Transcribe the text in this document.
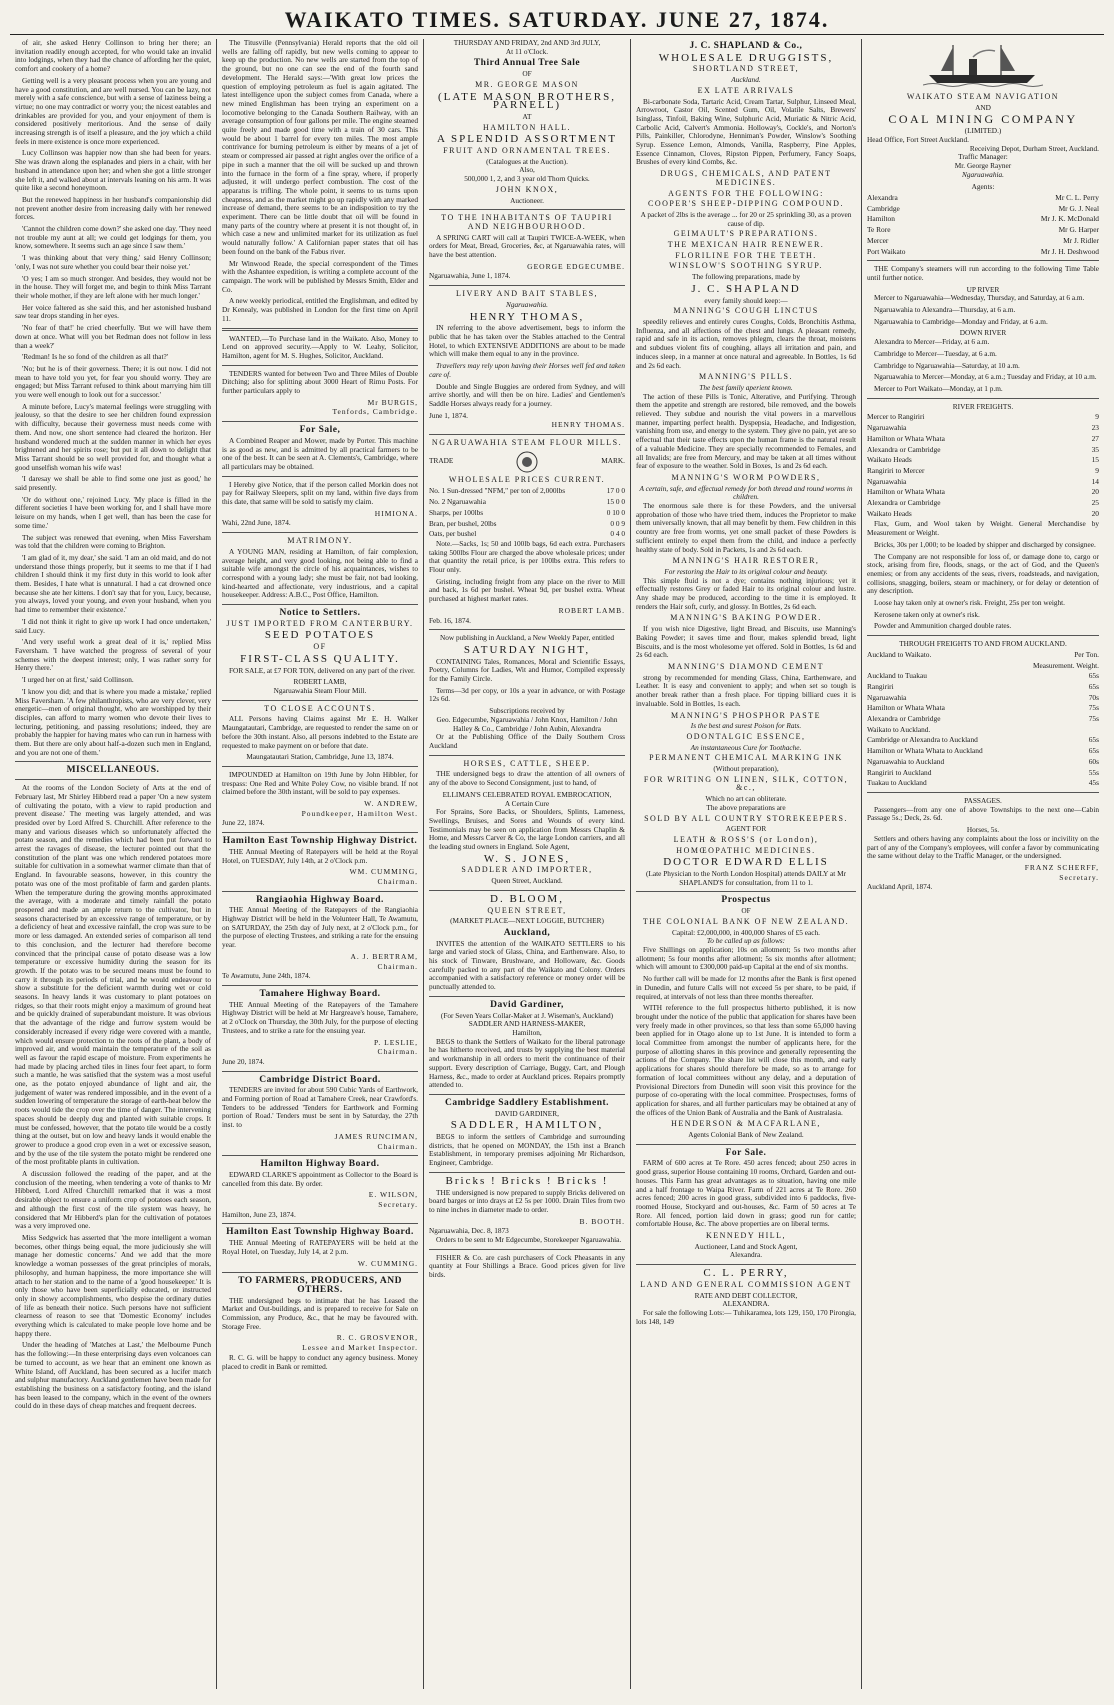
WAIKATO TIMES. SATURDAY. JUNE 27, 1874.

of air, she asked Henry Collinson to bring her there; an invitation readily enough accepted, for who would take an invalid into lodgings, when they had the chance of affording her the quiet, comfort and cookery of a home?

Getting well is a very pleasant process when you are young and have a good constitution, and are well nursed. You can be lazy, not merely with a safe conscience, but with a sense of laziness being a virtue; no one may contradict or worry you; the nicest eatables and drinkables are provided for you, and your enjoyment of them is considered positively meritorious. And the sense of daily increasing strength is of itself a pleasure, and the joy which a child feels in mere existence is once more experienced.

Lucy Collinson was happier now than she had been for years. She was drawn along the esplanades and piers in a chair, with her husband in attendance upon her; and when she got a little stronger she left it, and walked about at intervals leaning on his arm. It was quite like a second honeymoon.

But the renewed happiness in her husband's companionship did not prevent another desire from increasing daily with her renewed forces.

'Cannot the children come down?' she asked one day. 'They need not trouble my aunt at all; we could get lodgings for them, you know, somewhere. It seems such an age since I saw them.'

'I was thinking about that very thing,' said Henry Collinson; 'only, I was not sure whether you could bear their noise yet.'

'O yes; I am so much stronger. And besides, they would not be in the house. They will forget me, and begin to think Miss Tarrant their whole mother, if they are left alone with her much longer.'

Her voice faltered as she said this, and her astonished husband saw tear drops standing in her eyes.

'No fear of that!' he cried cheerfully. 'But we will have them down at once. What will you bet Redman does not follow in less than a week?'

'Redman! Is he so fond of the children as all that?'

'No; but he is of their governess. There; it is out now. I did not mean to have told you yet, for fear you should worry. They are engaged; but Miss Tarrant refused to think about marrying him till you were well enough to look out for a successor.'

A minute before, Lucy's maternal feelings were struggling with jealousy, so that the desire to see her children found expression with difficulty, because their governess must needs come with them. And now, one short sentence had cleared the horizon. Her husband wondered much at the sudden manner in which her eyes brightened and her spirits rose; but put it all down to delight that Miss Tarrant should be so well provided for, and thought what a good unselfish woman his wife was!

'I daresay we shall be able to find some one just as good,' he said presently.

'Or do without one,' rejoined Lucy. 'My place is filled in the different societies I have been working for, and I shall have more leisure on my hands, when I get well, than has been the case for some time.'

The subject was renewed that evening, when Miss Faversham was told that the children were coming to Brighton.

'I am glad of it, my dear,' she said. 'I am an old maid, and do not understand those things properly, but it seems to me that if I had children I should think it my first duty in this world to look after them. Besides, I hate what is unnatural. I had a cat drowned once because she ate her kittens. I don't say that for you, Lucy, because, you always, loved your young, and even your husband, when you had time to remember their existence.'

'I did not think it right to give up work I had once undertaken,' said Lucy.

'And very useful work a great deal of it is,' replied Miss Faversham. 'I have watched the progress of several of your schemes with the deepest interest; only, I was rather sorry for Henry there.'

'I urged her on at first,' said Collinson.

'I know you did; and that is where you made a mistake,' replied Miss Faversham. 'A few philanthropists, who are very clever, very energetic—men of original thought, who are worshipped by their disciples, can afford to marry women who devote their lives to lecturing, petitioning, and passing resolutions; indeed, they are probably the happier for having mates who can run in harness with them. But there are only about half-a-dozen such men in England, and you are not one of them.'

MISCELLANEOUS.

At the rooms of the London Society of Arts at the end of February last, Mr Shirley Hibberd read a paper 'On a new system of cultivating the potato, with a view to rapid production and prevent disease.' The meeting was largely attended, and was presided over by Lord Alfred S. Churchill. After reference to the many and various diseases which so unfortunately affected the potato season, and the remedies which had been put forward to arrest the ravages of disease, the lecturer pointed out that the constitution of the plant was one which rendered potatoes more suitable for cultivation in a somewhat warmer climate than that of England. In favourable seasons, however, in this country the potato was one of the most profitable of farm and garden plants. When the temperature during the growing months approximated the average, with a moderate and timely rainfall the potato prospered and made an ample return to the cultivator, but in seasons characterised by an excessive range of temperature, or by a deficiency of heat and excessive rainfall, the crop was sure to be more or less damaged. An extended series of comparison all tend to this conclusion, and the lecturer had therefore become convinced that the principal cause of potato disease was a low temperature or excessive humidity during the season for its growth. If the potato was to be secured means must be found to carry it through its periods of trial, and he would endeavour to show a substitute for the deficient warmth during wet or cold seasons. In heavy lands it was customary to plant potatoes on ridges, so that their roots might enjoy a maximum of ground heat and be quickly drained of superabundant moisture. It was obvious that the advantage of the ridge and furrow system would be considerably increased if every ridge were covered with a mantle, which would ensure protection to the roots of the plant, a body of improved air, and would maintain the temperature of the soil as well as favour the rapid escape of moisture. From experiments he had made by placing arched tiles in lines four feet apart, to form such a mantle, he was satisfied that the system was a most useful one, as the potato enjoyed abundance of light and air, the judgement of water was rendered impossible, and in the event of a sudden lowering of temperature the storage of earth-heat below the roots would tide the crop over the time of danger. The intervening spaces should be deeply dug and planted with suitable crops. It must be confessed, however, that the potato tile would be a costly thing at the outset, but on low and heavy lands it would enable the grower to produce a good crop even in a wet or excessive season, and by the use of the tile system the potato might be rendered one of the most profitable plants in cultivation.

A discussion followed the reading of the paper, and at the conclusion of the meeting, when tendering a vote of thanks to Mr Hibberd, Lord Alfred Churchill remarked that it was a most desirable object to ensure a uniform crop of potatoes each season, and although the first cost of the tile system was heavy, he considered that Mr Hibberd's plan for the cultivation of potatoes was a very improved one.

Miss Sedgwick has asserted that 'the more intelligent a woman becomes, other things being equal, the more judiciously she will manage her domestic concerns.' And we add that the more knowledge a woman possesses of the great principles of morals, philosophy, and human happiness, the more importance she will attach to her station and to the name of a 'good housekeeper.' It is only those who have been superficially educated, or instructed only in showy accomplishments, who despise the ordinary duties of life as beneath their notice. Such persons have not sufficient clearness of reason to see that 'Domestic Economy' includes everything which is calculated to make people love home and be happy there.

Under the heading of 'Matches at Last,' the Melbourne Punch has the following:—In these enterprising days even volcanoes can be turned to account, as we hear that an eminent one known as White Island, off Auckland, has been secured as a lucifer match and sulphur manufactory. Auckland gentlemen have been made for establishing the business on a satisfactory footing, and the island has been leased to the company, which in the event of the owners could do in these days of cheap matches and frequent decrees.

The Titusville (Pennsylvania) Herald reports that the old oil wells are falling off rapidly, but new wells coming to appear to keep up the production. No new wells are started from the top of the ground, but no one can see the end of the fourth sand development. The Herald says:—'With great low prices the question of employing petroleum as fuel is again agitated. The latest intelligence upon the subject comes from Canada, where a new mined Englishman has been trying an experiment on a locomotive belonging to the Canada Southern Railway, with an average consumption of four gallons per mile. The engine steamed quite freely and made good time with a train of 30 cars. This would be about 1 barrel for every ten miles. The most ample contrivance for burning petroleum is either by means of a jet of steam or compressed air passed at right angles over the orifice of a pipe in such a manner that the oil will be sucked up and thrown into the furnace in the form of a fine spray, where, if properly adjusted, it will undergo perfect combustion. The cost of the apparatus is trifling. The whole point, it seems to us turns upon cheapness, and as the market might go up rapidly with any marked increase of demand, there seems to be an indisposition to try the experiment. There can be little doubt that oil will be found in many parts of the country where at present it is not thought of, in which case a new and unlimited market for its utilization as fuel would naturally follow.' A Californian paper states that oil has been found on the bank of the Fabus river.

Mr Winwood Reade, the special correspondent of the Times with the Ashantee expedition, is writing a complete account of the campaign. The work will be published by Messrs Smith, Elder and Co.

A new weekly periodical, entitled the Englishman, and edited by Dr Kenealy, was published in London for the first time on April 11.

WANTED,—To Purchase land in the Waikato. Also, Money to Lend on approved security.—Apply to W. Leahy, Solicitor, Hamilton, agent for M. S. Hughes, Solicitor, Auckland.

TENDERS wanted for between Two and Three Miles of Double Ditching; also for splitting about 3000 Heart of Rimu Posts. For further particulars apply to

Mr BURGIS,
Tenfords, Cambridge.
For Sale,

A Combined Reaper and Mower, made by Porter. This machine is as good as new, and is admitted by all practical farmers to be one of the best. It can be seen at A. Clements's, Cambridge, where all particulars may be obtained.

I Hereby give Notice, that if the person called Morkin does not pay for Railway Sleepers, split on my land, within five days from this date, that same will be sold to satisfy my claim.

HIMIONA.
Wahi, 22nd June, 1874.
MATRIMONY.

A YOUNG MAN, residing at Hamilton, of fair complexion, average height, and very good looking, not being able to find a suitable wife amongst the circle of his acquaintances, wishes to correspond with a young lady; she must be fair, not bad looking, kind-hearted and affectionate, very industrious, and a capital housekeeper. Address: A.B.C., Post Office, Hamilton.

Notice to Settlers.
JUST IMPORTED FROM CANTERBURY.
SEED POTATOES
OF
FIRST-CLASS QUALITY.

FOR SALE, at £7 FOR TON, delivered on any part of the river.

ROBERT LAMB,
Ngaruawahia Steam Flour Mill.
TO CLOSE ACCOUNTS.

ALL Persons having Claims against Mr E. H. Walker Maungatautari, Cambridge, are requested to render the same on or before the 30th instant. Also, all persons indebted to the Estate are requested to make payment on or before that date.

Maungatautari Station, Cambridge, June 13, 1874.

IMPOUNDED at Hamilton on 19th June by John Hibbler, for trespass: One Red and White Poley Cow, no visible brand. If not claimed before the 30th instant, will be sold to pay expenses.

W. ANDREW,
Poundkeeper, Hamilton West.
June 22, 1874.
Hamilton East Township Highway District.

THE Annual Meeting of Ratepayers will be held at the Royal Hotel, on TUESDAY, July 14th, at 2 o'Clock p.m.

WM. CUMMING,
Chairman.
Rangiaohia Highway Board.

THE Annual Meeting of the Ratepayers of the Rangiaohia Highway District will be held in the Volunteer Hall, Te Awamutu, on SATURDAY, the 25th day of July next, at 2 o'Clock p.m., for the purpose of electing Trustees, and striking a rate for the ensuing year.

A. J. BERTRAM,
Chairman.
Te Awamutu, June 24th, 1874.
Tamahere Highway Board.

THE Annual Meeting of the Ratepayers of the Tamahere Highway District will be held at Mr Hargreave's house, Tamahere, at 2 o'Clock on Thursday, the 30th July, for the purpose of electing Trustees, and to strike a rate for the ensuing year.

P. LESLIE,
Chairman.
June 20, 1874.
Cambridge District Board.

TENDERS are invited for about 590 Cubic Yards of Earthwork, and Forming portion of Road at Tamahere Creek, near Crawford's. Tenders to be addressed 'Tenders for Earthwork and Forming portion of Road.' Tenders must be sent in by Saturday, the 27th inst. to

JAMES RUNCIMAN,
Chairman.
Hamilton Highway Board.

EDWARD CLARKE'S appointment as Collector to the Board is cancelled from this date. By order.

E. WILSON,
Secretary.
Hamilton, June 23, 1874.
Hamilton East Township Highway Board.

THE Annual Meeting of RATEPAYERS will be held at the Royal Hotel, on Tuesday, July 14, at 2 p.m.

W. CUMMING.
TO FARMERS, PRODUCERS, AND OTHERS.

THE undersigned begs to intimate that he has Leased the Market and Out-buildings, and is prepared to receive for Sale on Commission, any Produce, &c., that he may be favoured with. Storage Free.

R. C. GROSVENOR,
Lessee and Market Inspector.

R. C. G. will be happy to conduct any agency business. Money placed to credit in Bank or remitted.

THURSDAY AND FRIDAY, 2nd AND 3rd JULY,
At 11 o'Clock.
Third Annual Tree Sale
OF
MR. GEORGE MASON
(LATE MASON BROTHERS, PARNELL)
AT
HAMILTON HALL.
A SPLENDID ASSORTMENT
FRUIT AND ORNAMENTAL TREES.
(Catalogues at the Auction).
Also,
500,000 1, 2, and 3 year old Thorn Quicks.
JOHN KNOX,
Auctioneer.
TO THE INHABITANTS OF TAUPIRI AND NEIGHBOURHOOD.

A SPRING CART will call at Taupiri TWICE-A-WEEK, when orders for Meat, Bread, Groceries, &c, at Ngaruawahia rates, will have the best attention.

GEORGE EDGECUMBE.
Ngaruawahia, June 1, 1874.
LIVERY AND BAIT STABLES,
Ngaruawahia.
HENRY THOMAS,

IN referring to the above advertisement, begs to inform the public that he has taken over the Stables attached to the Central Hotel, to which EXTENSIVE ADDITIONS are about to be made which will make them equal to any in the province.

Travellers may rely upon having their Horses well fed and taken care of.

Double and Single Buggies are ordered from Sydney, and will arrive shortly, and will then be on hire. Ladies' and Gentlemen's Saddle Horses always ready for a journey.

June 1, 1874.
HENRY THOMAS.
NGARUAWAHIA STEAM FLOUR MILLS.
TRADE	MARK.
WHOLESALE PRICES CURRENT.
No. 1 Sun-dressed "NFM," per ton of 2,000lbs	17 0 0
No. 2 Ngaruawahia	15 0 0
Sharps, per 100lbs	0 10 0
Bran, per bushel, 20lbs	0 0 9
Oats, per bushel	0 4 0

Note.—Sacks, 1s; 50 and 100lb bags, 6d each extra. Purchasers taking 500lbs Flour are charged the above wholesale prices; under that quantity the retail price, is per 100lbs extra. This refers to Flour only.

Gristing, including freight from any place on the river to Mill and back, 1s 6d per bushel. Wheat 9d, per bushel extra. Wheat purchased at highest market rates.

ROBERT LAMB.
Feb. 16, 1874.
Now publishing in Auckland, a New Weekly Paper, entitled
SATURDAY NIGHT,

CONTAINING Tales, Romances, Moral and Scientific Essays, Poetry, Columns for Ladies, Wit and Humor, Compiled expressly for the Family Circle.

Terms—3d per copy, or 10s a year in advance, or with Postage 12s 6d.

Subscriptions received by
Geo. Edgecumbe, Ngaruawahia / John Knox, Hamilton / John Halley & Co., Cambridge / John Aubin, Alexandra

Or at the Publishing Office of the Daily Southern Cross Auckland

HORSES, CATTLE, SHEEP.

THE undersigned begs to draw the attention of all owners of any of the above to Second Consignment, just to hand, of

ELLIMAN'S CELEBRATED ROYAL EMBROCATION,
A Certain Cure

For Sprains, Sore Backs, or Shoulders, Splints, Lameness, Swellings, Bruises, and Sores and Wounds of every kind. Testimonials may be seen on application from Messrs Chaplin & Home, and Messrs Carver & Co, the large London carriers, and all the leading stud owners in England. Sole Agent,

W. S. JONES,
SADDLER AND IMPORTER,
Queen Street, Auckland.
D. BLOOM,
QUEEN STREET,
(MARKET PLACE—NEXT LOGGIE, BUTCHER)
Auckland,

INVITES the attention of the WAIKATO SETTLERS to his large and varied stock of Glass, China, and Earthenware. Also, to his stock of Tinware, Brushware, and Holloware, &c. Goods carefully packed to any part of the Waikato and Colony. Orders accompanied with a satisfactory reference or money order will be punctually attended to.

David Gardiner,
(For Seven Years Collar-Maker at J. Wiseman's, Auckland)
SADDLER AND HARNESS-MAKER,
Hamilton,

BEGS to thank the Settlers of Waikato for the liberal patronage he has hitherto received, and trusts by supplying the best material and workmanship in all orders to merit the continuance of their support. Every description of Carriage, Buggy, Cart, and Plough Harness, &c., made to order at Auckland prices. Repairs promptly attended to.

Cambridge Saddlery Establishment.
DAVID GARDINER,
SADDLER, HAMILTON,

BEGS to inform the settlers of Cambridge and surrounding districts, that he opened on MONDAY, the 15th inst a Branch Establishment, in temporary premises adjoining Mr Richardson, Engineer, Cambridge.

Bricks ! Bricks ! Bricks !

THE undersigned is now prepared to supply Bricks delivered on board barges or into drays at £2 5s per 1000. Drain Tiles from two to nine inches in diameter made to order.

B. BOOTH.
Ngaruawahia, Dec. 8, 1873

Orders to be sent to Mr Edgecumbe, Storekeeper Ngaruawahia.

FISHER & Co. are cash purchasers of Cock Pheasants in any quantity at Four Shillings a Brace. Good prices given for live birds.

J. C. SHAPLAND & Co.,
WHOLESALE DRUGGISTS,
SHORTLAND STREET,
Auckland.
EX LATE ARRIVALS

Bi-carbonate Soda, Tartaric Acid, Cream Tartar, Sulphur, Linseed Meal, Arrowroot, Castor Oil, Scented Gum, Oil, Volatile Salts, Brewers' Isinglass, Tinfoil, Baking Wine, Sulphuric Acid, Muriatic & Nitric Acid, Carbolic Acid, Calvert's Ammonia. Holloway's, Cockle's, and Norton's Pills, Painkiller, Chlorodyne, Henniman's Powder, Winslow's Soothing Syrup. Essence Lemon, Almonds, Vanilla, Raspberry, Pine Apples, Essence Cinnamon, Cloves, Ripston Pippen, Perfumery, Fancy Soaps, Brushes of every kind Combs, &c.

DRUGS, CHEMICALS, AND PATENT MEDICINES.
AGENTS FOR THE FOLLOWING:
COOPER'S SHEEP-DIPPING COMPOUND.
A packet of 2lbs is the average ... for 20 or 25 sprinkling 30, as a proven cause of dip.
GEIMAULT'S PREPARATIONS.
THE MEXICAN HAIR RENEWER.
FLORILINE FOR THE TEETH.
WINSLOW'S SOOTHING SYRUP.
The following preparations, made by
J. C. SHAPLAND
every family should keep:—
MANNING'S COUGH LINCTUS

speedily relieves and entirely cures Coughs, Colds, Bronchitis Asthma, Influenza, and all affections of the chest and lungs. A pleasant remedy, rapid and safe in its action, removes phlegm, clears the throat, moistens and subdues violent fits of coughing, allays all irritation and pain, and induces sleep, in a manner at once natural and agreeable. In Bottles, 1s 6d and 2s 6d each.

MANNING'S PILLS.
The best family aperient known.

The action of these Pills is Tonic, Alterative, and Purifying. Through them the appetite and strength are restored, bile removed, and the bowels relieved. They subdue and nourish the vital powers in a marvellous manner, imparting perfect health. Dyspepsia, Headache, and Indigestion, vanishing from use, and energy to the system. They give no pain, yet are so effectual that their taste effects upon the human frame is the natural result of a valuable Medicine. They are specially recommended to Females, and all Invalids; are free from Mercury, and may be taken at all times without fear of exposure to the weather. Sold in Boxes, 1s and 2s 6d each.

MANNING'S WORM POWDERS,
A certain, safe, and effectual remedy for both thread and round worms in children.

The enormous sale there is for these Powders, and the universal approbation of those who have tried them, induces the Proprietor to make them universally known, that all may benefit by them. Few children in this country are free from worms, yet one small packet of these Powders is sufficient entirely to expel them from the child, and induce a perfectly healthy state of body. Sold in Packets, 1s and 2s 6d each.

MANNING'S HAIR RESTORER,
For restoring the Hair to its original colour and beauty.

This simple fluid is not a dye; contains nothing injurious; yet it effectually restores Grey or faded Hair to its original colour and lustre. Any shade may be produced, according to the time it is employed. It renders the Hair soft, curly, and glossy. In Bottles, 2s 6d each.

MANNING'S BAKING POWDER.

If you wish nice Digestive, light Bread, and Biscuits, use Manning's Baking Powder; it saves time and flour, makes splendid bread, light Biscuits, and is the most wholesome yet offered. Sold in Bottles, 1s 6d and 2s 6d each.

MANNING'S DIAMOND CEMENT

strong by recommended for mending Glass, China, Earthenware, and Leather. It is easy and convenient to apply; and when set so tough is another break rather than a fresh place. For tipping billiard cues it is invaluable. Sold in Bottles, 1s each.

MANNING'S PHOSPHOR PASTE
Is the best and surest Poison for Rats.
ODONTALGIC ESSENCE,
An instantaneous Cure for Toothache.
PERMANENT CHEMICAL MARKING INK
(Without preparation),
FOR WRITING ON LINEN, SILK, COTTON, &c.,
Which no art can obliterate.
The above preparations are
SOLD BY ALL COUNTRY STOREKEEPERS.
AGENT FOR
LEATH & ROSS'S (or London),
HOMŒOPATHIC MEDICINES.
DOCTOR EDWARD ELLIS
(Late Physician to the North London Hospital) attends DAILY at Mr SHAPLAND'S for consultation, from 11 to 1.
Prospectus
OF
THE COLONIAL BANK OF NEW ZEALAND.
Capital: £2,000,000, in 400,000 Shares of £5 each.
To be called up as follows:

Five Shillings on application; 10s on allotment; 5s two months after allotment; 5s four months after allotment; 5s six months after allotment; which will amount to £300,000 paid-up Capital at the end of six months.

No further call will be made for 12 months after the Bank is first opened in Dunedin, and future Calls will not exceed 5s per share, to be paid, if required, at intervals of not less than three months thereafter.

WITH reference to the full prospectus hitherto published, it is now brought under the notice of the public that application for shares have been very freely made in other provinces, so that less than some 65,000 having been applied for in Otago alone up to 1st June. It is intended to form a local Committee from amongst the number of applicants here, for the purpose of allotting shares in this province and generally representing the actions of the Company. The share list will close this month, and early applications for shares should therefore be made, so as to arrange for formation of local committees without any delay, and a deputation of Provisional Directors from Dunedin will soon visit this province for the purpose of co-operating with the local committee. Prospectuses, forms of application for shares, and all further particulars may be obtained at any of the offices of the Union Bank of Australia and the Bank of Australasia.

HENDERSON & MACFARLANE,
Agents Colonial Bank of New Zealand.
For Sale.

FARM of 600 acres at Te Rore. 450 acres fenced; about 250 acres in good grass, superior House containing 10 rooms, Orchard, Garden and out-houses. This Farm has great advantages as to situation, having one mile and a half frontage to Waipa River. Farm of 221 acres at Te Rore. 260 acres fenced; 200 acres in good grass, subdivided into 6 paddocks, five-roomed House, Stockyard and out-houses, &c. Farm of 50 acres at Te Rore. All fenced, portion laid down in grass; good run for cattle; comfortable House, &c. The above properties are on liberal terms.

KENNEDY HILL,
Auctioneer, Land and Stock Agent,
Alexandra.
C. L. PERRY,
LAND AND GENERAL COMMISSION AGENT
RATE AND DEBT COLLECTOR,
ALEXANDRA.

For sale the following Lots:— Tuhikaramea, lots 129, 150, 170 Pirongia, lots 148, 149

WAIKATO STEAM NAVIGATION
AND
COAL MINING COMPANY
(LIMITED.)
Head Office, Fort Street Auckland.
Receiving Depot, Durham Street, Auckland.
Traffic Manager:
Mr. George Rayner
Ngaruawahia.
Agents:
Alexandra	Mr C. L. Perry
Cambridge	Mr G. J. Neal
Hamilton	Mr J. K. McDonald
Te Rore	Mr G. Harper
Mercer	Mr J. Ridler
Port Waikato	Mr J. H. Deshwood

THE Company's steamers will run according to the following Time Table until further notice.

UP RIVER

Mercer to Ngaruawahia—Wednesday, Thursday, and Saturday, at 6 a.m.

Ngaruawahia to Alexandra—Thursday, at 6 a.m.

Ngaruawahia to Cambridge—Monday and Friday, at 6 a.m.

DOWN RIVER

Alexandra to Mercer—Friday, at 6 a.m.

Cambridge to Mercer—Tuesday, at 6 a.m.

Cambridge to Ngaruawahia—Saturday, at 10 a.m.

Ngaruawahia to Mercer—Monday, at 6 a.m.; Tuesday and Friday, at 10 a.m.

Mercer to Port Waikato—Monday, at 1 p.m.

RIVER FREIGHTS.
Mercer to Rangiriri	9
Ngaruawahia	23
Hamilton or Whata Whata	27
Alexandra or Cambridge	35
Waikato Heads	15
Rangiriri to Mercer	9
Ngaruawahia	14
Hamilton or Whata Whata	20
Alexandra or Cambridge	25
Waikato Heads	20

Flax, Gum, and Wool taken by Weight. General Merchandise by Measurement or Weight.

Bricks, 30s per 1,000; to be loaded by shipper and discharged by consignee.

The Company are not responsible for loss of, or damage done to, cargo or stock, arising from fire, floods, snags, or the act of God, and the Queen's enemies; or from any accidents of the seas, rivers, roadsteads, and navigation, collisions, snagging, boilers, steam or machinery, or for delay or detention of any description.

Loose hay taken only at owner's risk. Freight, 25s per ton weight.

Kerosene taken only at owner's risk.

Powder and Ammunition charged double rates.

THROUGH FREIGHTS TO AND FROM AUCKLAND.
Auckland to Waikato.	Per Ton.
Measurement. Weight.
Auckland to Tuakau	65s
Rangiriri	65s
Ngaruawahia	70s
Hamilton or Whata Whata	75s
Alexandra or Cambridge	75s
Waikato to Auckland.
Cambridge or Alexandra to Auckland	65s
Hamilton or Whata Whata to Auckland	65s
Ngaruawahia to Auckland	60s
Rangiriri to Auckland	55s
Tuakau to Auckland	45s
PASSAGES.

Passengers—from any one of above Townships to the next one—Cabin Passage 5s.; Deck, 2s. 6d.

Horses, 5s.

Settlers and others having any complaints about the loss or incivility on the part of any of the Company's employees, will confer a favor by communicating the same without delay to the Traffic Manager, or the undersigned.

FRANZ SCHERFF,
Secretary.
Auckland April, 1874.
